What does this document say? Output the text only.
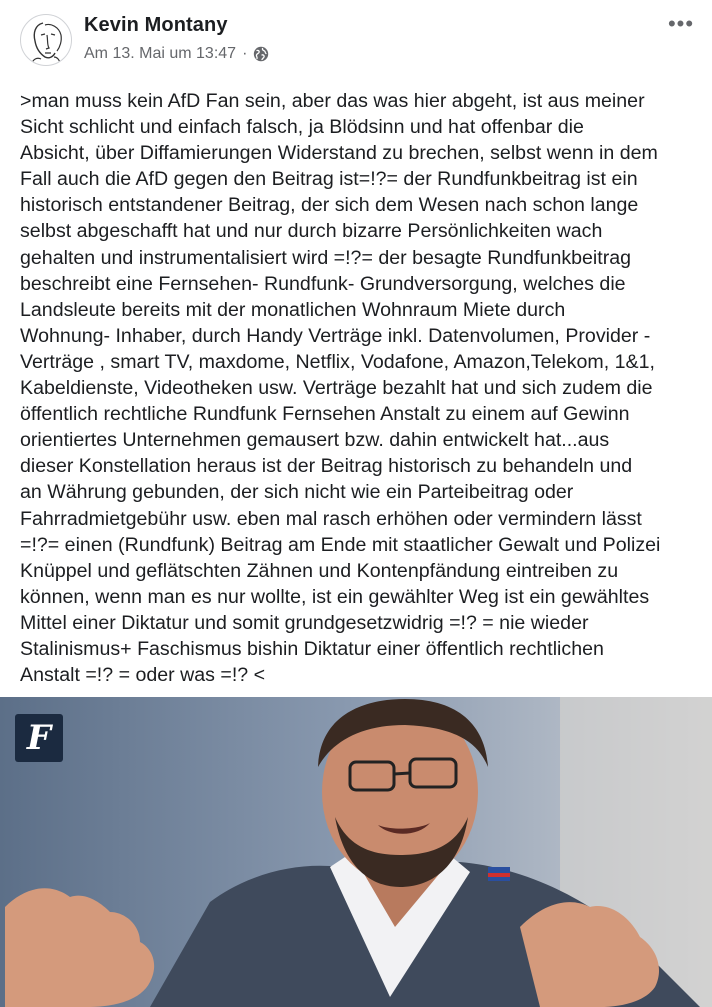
Kevin Montany
Am 13. Mai um 13:47 ·
•••
>man muss kein AfD Fan sein, aber das was hier abgeht, ist aus meiner
Sicht schlicht und einfach falsch, ja Blödsinn und hat offenbar die
Absicht, über Diffamierungen Widerstand zu brechen, selbst wenn in dem
Fall auch die AfD gegen den Beitrag ist=!?= der Rundfunkbeitrag ist ein
historisch entstandener Beitrag, der sich dem Wesen nach schon lange
selbst abgeschafft hat und nur durch bizarre Persönlichkeiten wach
gehalten und instrumentalisiert wird =!?= der besagte Rundfunkbeitrag
beschreibt eine Fernsehen- Rundfunk- Grundversorgung, welches die
Landsleute bereits mit der monatlichen Wohnraum Miete durch
Wohnung- Inhaber, durch Handy Verträge inkl. Datenvolumen, Provider -
Verträge , smart TV, maxdome, Netflix, Vodafone, Amazon,Telekom, 1&1,
Kabeldienste, Videotheken usw. Verträge bezahlt hat und sich zudem die
öffentlich rechtliche Rundfunk Fernsehen Anstalt zu einem auf Gewinn
orientiertes Unternehmen gemausert bzw. dahin entwickelt hat...aus
dieser Konstellation heraus ist der Beitrag historisch zu behandeln und
an Währung gebunden, der sich nicht wie ein Parteibeitrag oder
Fahrradmietgebühr usw. eben mal rasch erhöhen oder vermindern lässt
=!?= einen (Rundfunk) Beitrag am Ende mit staatlicher Gewalt und Polizei
Knüppel und geflätschten Zähnen und Kontenpfändung eintreiben zu
können, wenn man es nur wollte, ist ein gewählter Weg ist ein gewähltes
Mittel einer Diktatur und somit grundgesetzwidrig =!? = nie wieder
Stalinismus+ Faschismus bishin Diktatur einer öffentlich rechtlichen
Anstalt =!? = oder was =!? <
F
